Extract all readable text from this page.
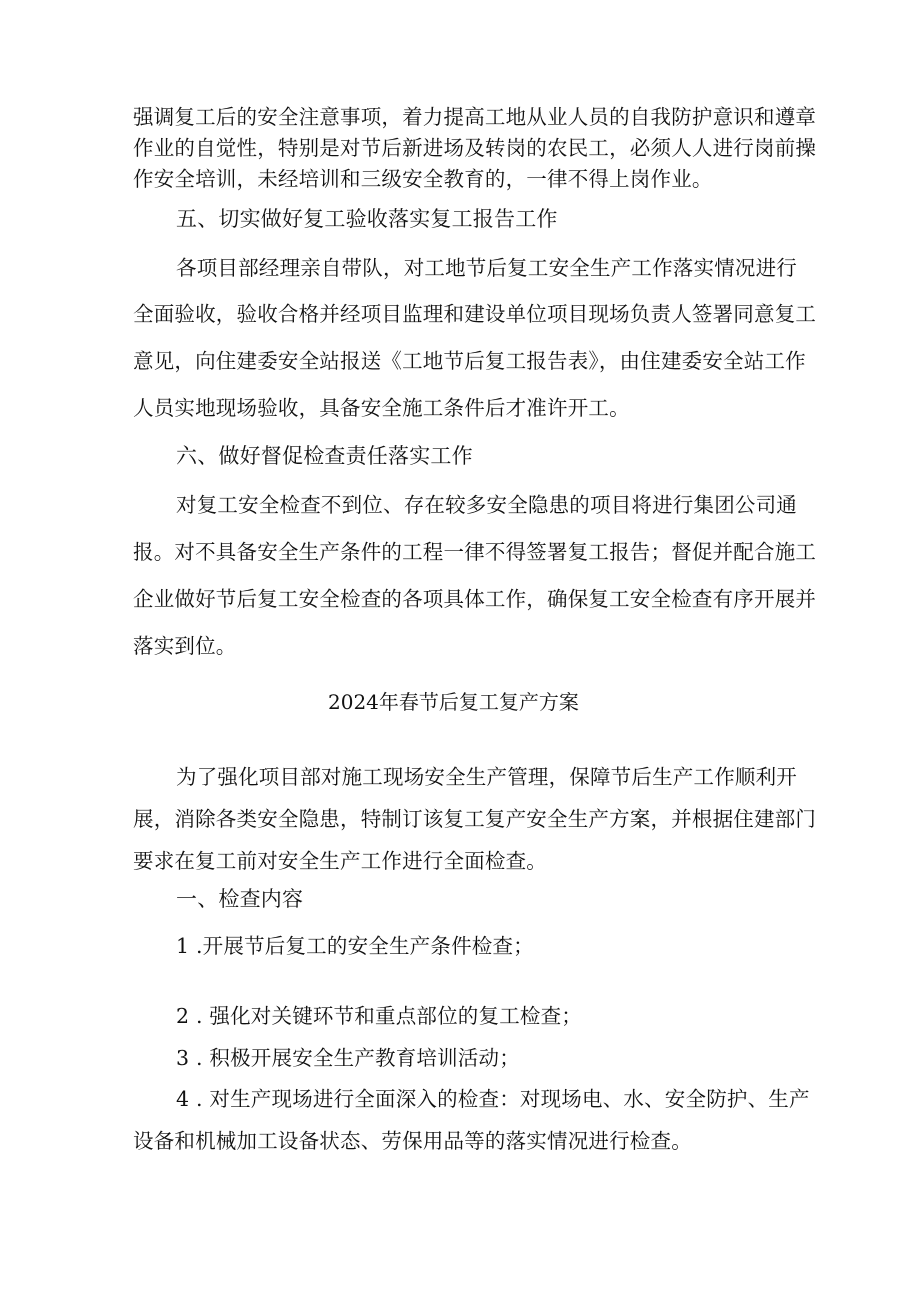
强调复工后的安全注意事项，着力提高工地从业人员的自我防护意识和遵章
作业的自觉性，特别是对节后新进场及转岗的农民工，必须人人进行岗前操
作安全培训，未经培训和三级安全教育的，一律不得上岗作业。
五、切实做好复工验收落实复工报告工作
各项目部经理亲自带队，对工地节后复工安全生产工作落实情况进行
全面验收，验收合格并经项目监理和建设单位项目现场负责人签署同意复工
意见，向住建委安全站报送《工地节后复工报告表》，由住建委安全站工作
人员实地现场验收，具备安全施工条件后才准许开工。
六、做好督促检查责任落实工作
对复工安全检查不到位、存在较多安全隐患的项目将进行集团公司通
报。对不具备安全生产条件的工程一律不得签署复工报告；督促并配合施工
企业做好节后复工安全检查的各项具体工作，确保复工安全检查有序开展并
落实到位。
2024年春节后复工复产方案
为了强化项目部对施工现场安全生产管理，保障节后生产工作顺利开
展，消除各类安全隐患，特制订该复工复产安全生产方案，并根据住建部门
要求在复工前对安全生产工作进行全面检查。
一、检查内容
1 .开展节后复工的安全生产条件检查；
2 . 强化对关键环节和重点部位的复工检查；
3 . 积极开展安全生产教育培训活动；
4 . 对生产现场进行全面深入的检查：对现场电、水、安全防护、生产
设备和机械加工设备状态、劳保用品等的落实情况进行检查。
